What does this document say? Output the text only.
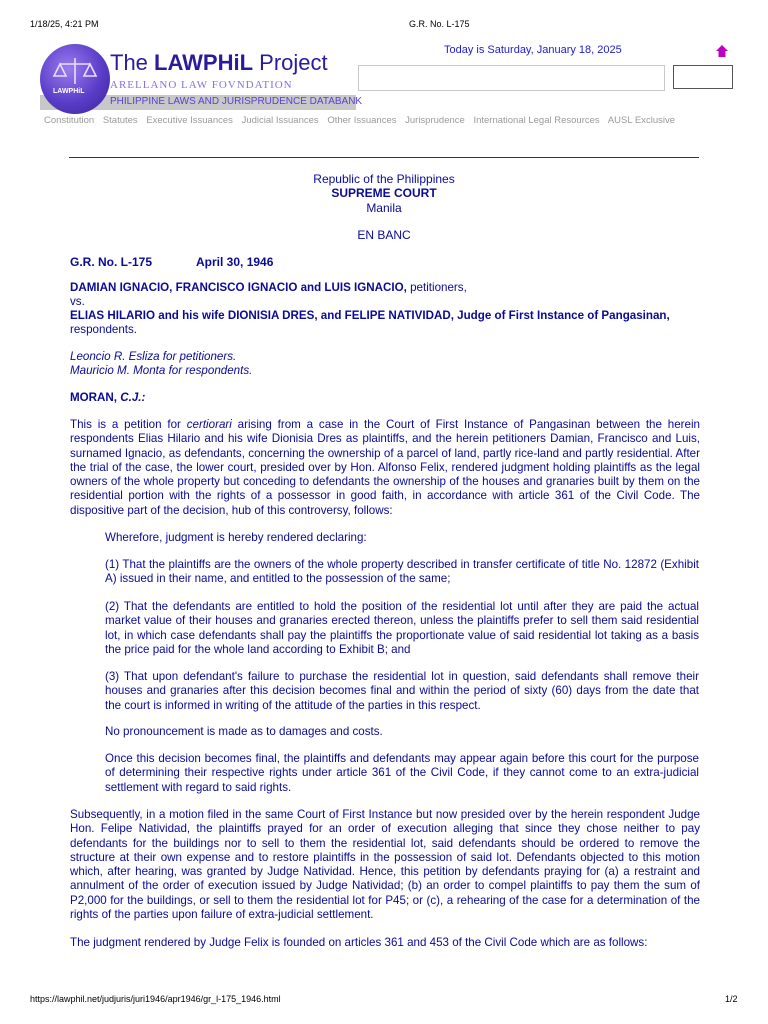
1/18/25, 4:21 PM	G.R. No. L-175
LAWPHiL
The LAWPHiL Project
ARELLANO LAW FOVNDATION
PHILIPPINE LAWS AND JURISPRUDENCE DATABANK
Today is Saturday, January 18, 2025
Constitution Statutes Executive Issuances Judicial Issuances Other Issuances Jurisprudence International Legal Resources AUSL Exclusive
Republic of the Philippines
SUPREME COURT
Manila
EN BANC
G.R. No. L-175	April 30, 1946
DAMIAN IGNACIO, FRANCISCO IGNACIO and LUIS IGNACIO, petitioners,
vs.
ELIAS HILARIO and his wife DIONISIA DRES, and FELIPE NATIVIDAD, Judge of First Instance of Pangasinan, respondents.
Leoncio R. Esliza for petitioners.
Mauricio M. Monta for respondents.
MORAN, C.J.:
This is a petition for certiorari arising from a case in the Court of First Instance of Pangasinan between the herein respondents Elias Hilario and his wife Dionisia Dres as plaintiffs, and the herein petitioners Damian, Francisco and Luis, surnamed Ignacio, as defendants, concerning the ownership of a parcel of land, partly rice-land and partly residential. After the trial of the case, the lower court, presided over by Hon. Alfonso Felix, rendered judgment holding plaintiffs as the legal owners of the whole property but conceding to defendants the ownership of the houses and granaries built by them on the residential portion with the rights of a possessor in good faith, in accordance with article 361 of the Civil Code. The dispositive part of the decision, hub of this controversy, follows:
Wherefore, judgment is hereby rendered declaring:
(1) That the plaintiffs are the owners of the whole property described in transfer certificate of title No. 12872 (Exhibit A) issued in their name, and entitled to the possession of the same;
(2) That the defendants are entitled to hold the position of the residential lot until after they are paid the actual market value of their houses and granaries erected thereon, unless the plaintiffs prefer to sell them said residential lot, in which case defendants shall pay the plaintiffs the proportionate value of said residential lot taking as a basis the price paid for the whole land according to Exhibit B; and
(3) That upon defendant's failure to purchase the residential lot in question, said defendants shall remove their houses and granaries after this decision becomes final and within the period of sixty (60) days from the date that the court is informed in writing of the attitude of the parties in this respect.
No pronouncement is made as to damages and costs.
Once this decision becomes final, the plaintiffs and defendants may appear again before this court for the purpose of determining their respective rights under article 361 of the Civil Code, if they cannot come to an extra-judicial settlement with regard to said rights.
Subsequently, in a motion filed in the same Court of First Instance but now presided over by the herein respondent Judge Hon. Felipe Natividad, the plaintiffs prayed for an order of execution alleging that since they chose neither to pay defendants for the buildings nor to sell to them the residential lot, said defendants should be ordered to remove the structure at their own expense and to restore plaintiffs in the possession of said lot. Defendants objected to this motion which, after hearing, was granted by Judge Natividad. Hence, this petition by defendants praying for (a) a restraint and annulment of the order of execution issued by Judge Natividad; (b) an order to compel plaintiffs to pay them the sum of P2,000 for the buildings, or sell to them the residential lot for P45; or (c), a rehearing of the case for a determination of the rights of the parties upon failure of extra-judicial settlement.
The judgment rendered by Judge Felix is founded on articles 361 and 453 of the Civil Code which are as follows:
https://lawphil.net/judjuris/juri1946/apr1946/gr_l-175_1946.html	1/2
